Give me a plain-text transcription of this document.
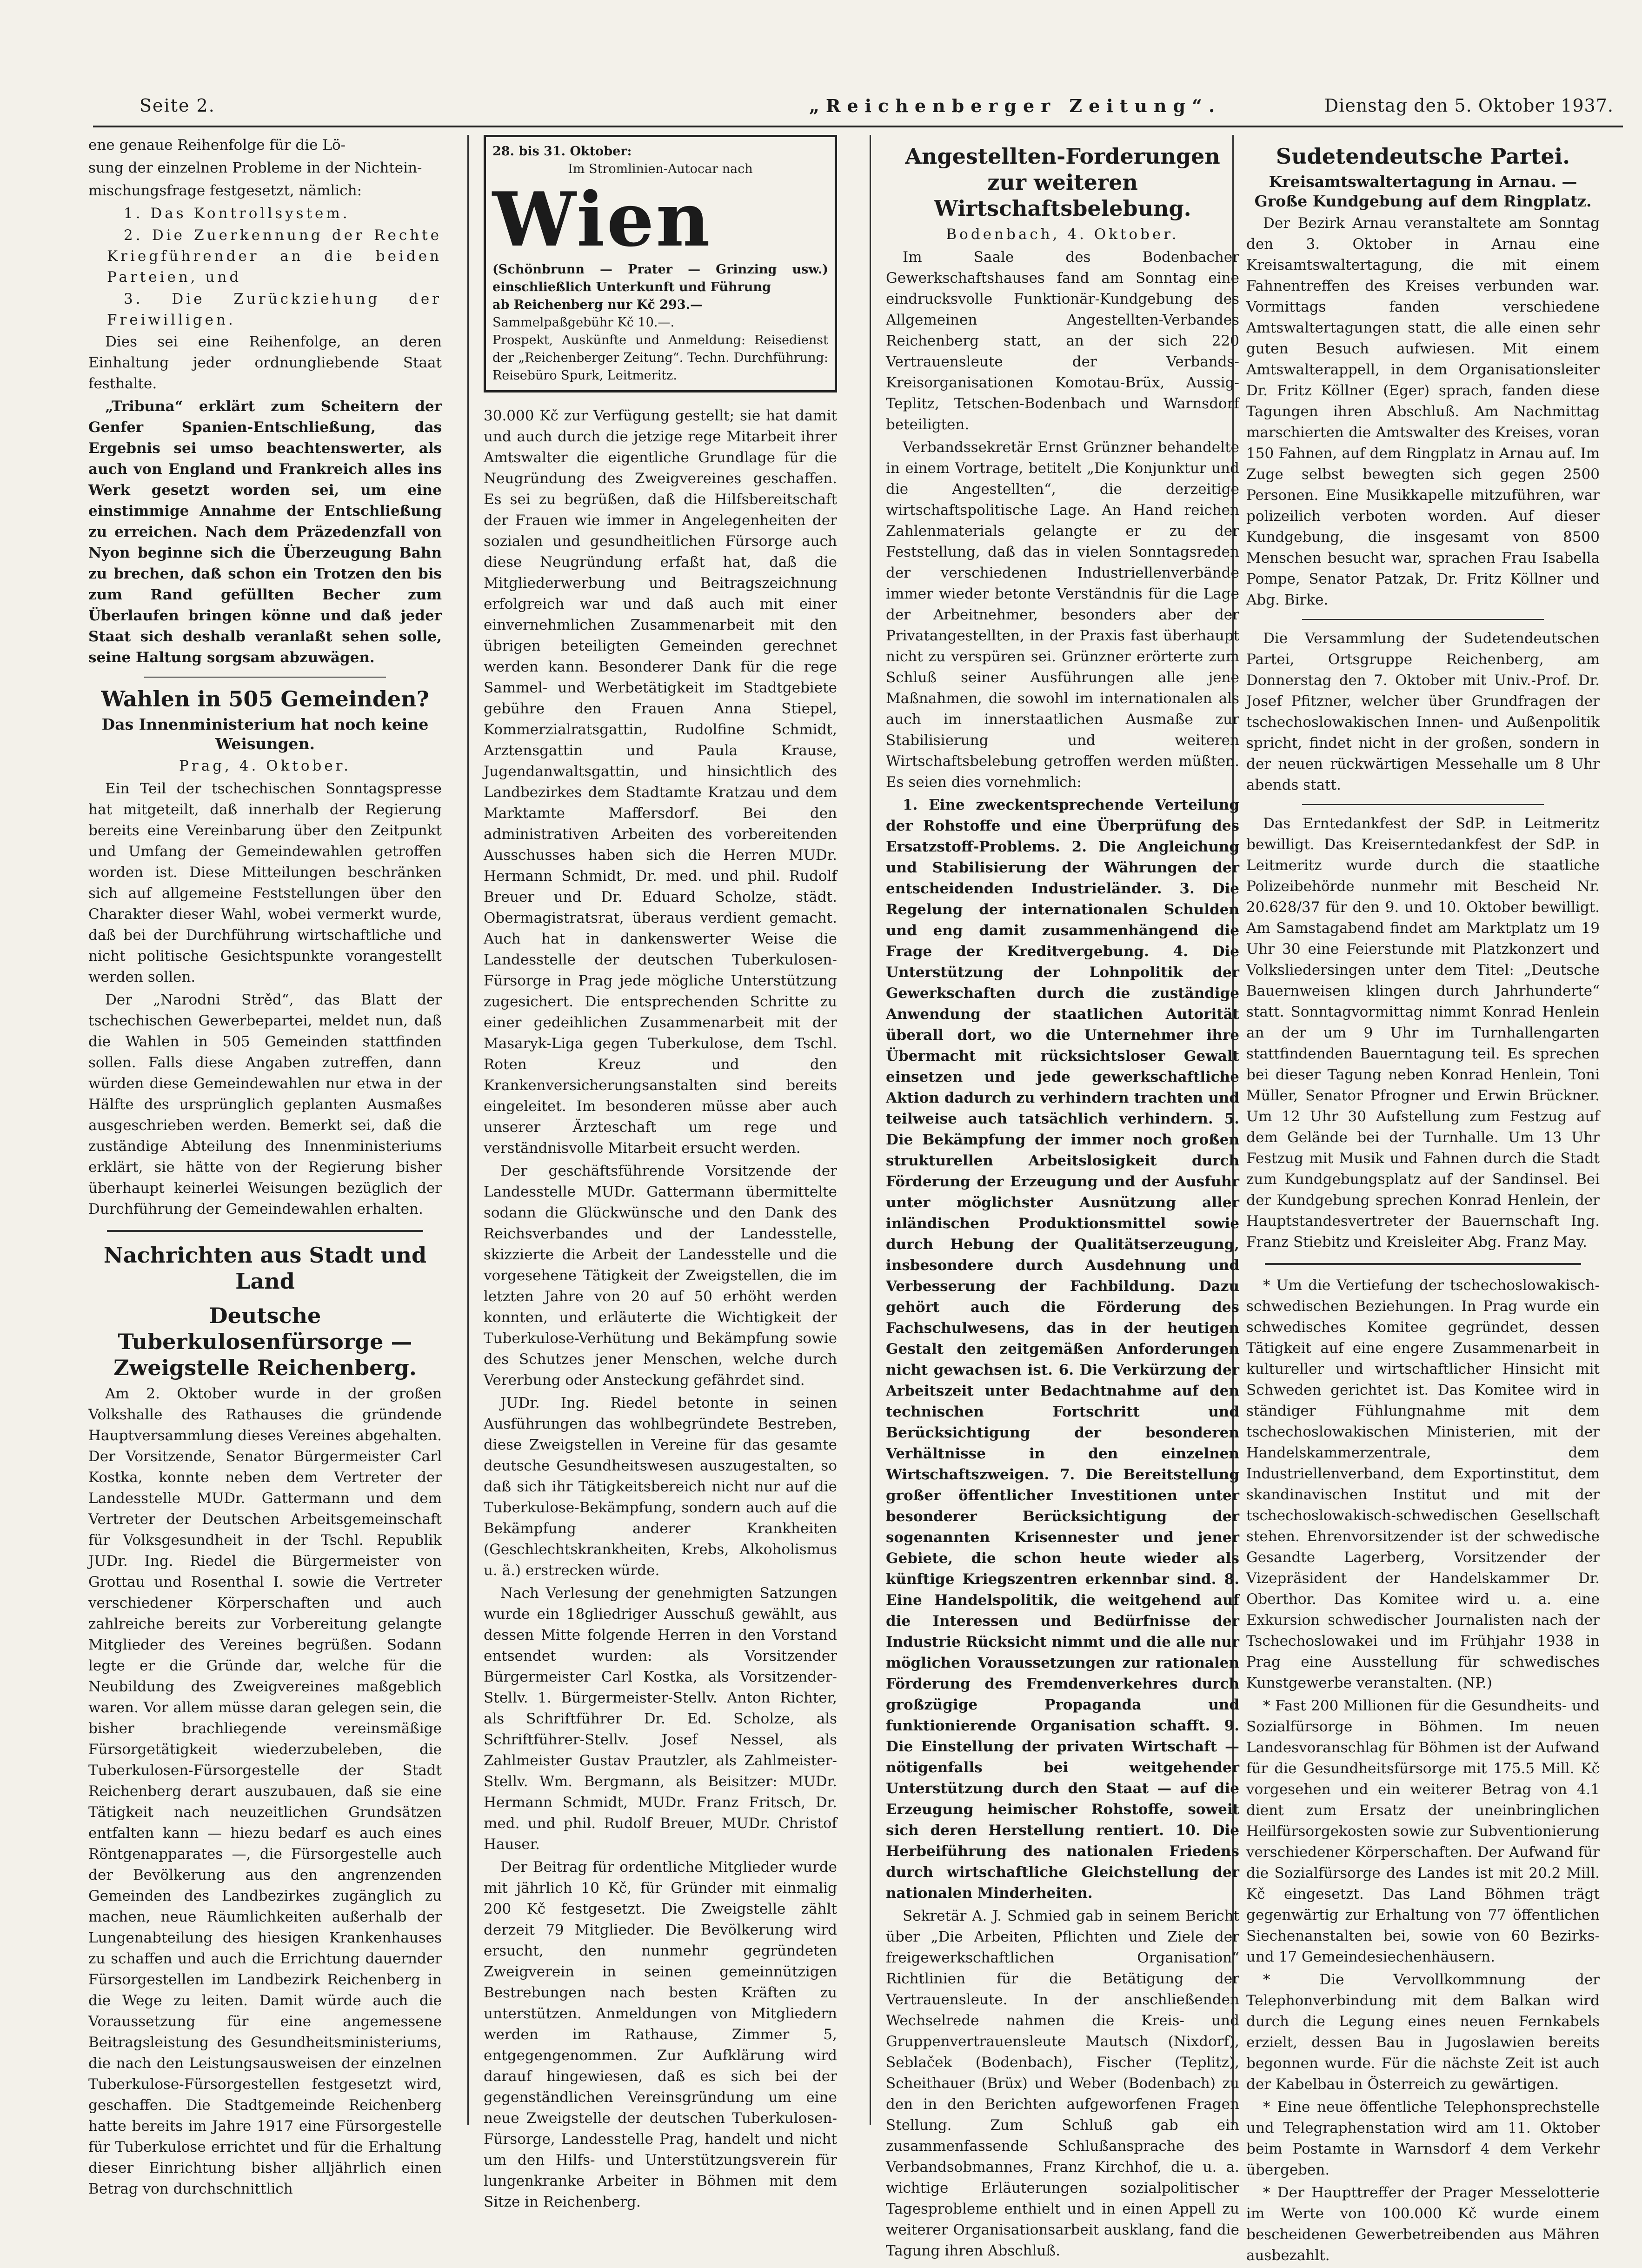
Seite 2.	„Reichenberger Zeitung“.	Dienstag den 5. Oktober 1937.

ene genaue Reihenfolge für die Lö-

sung der einzelnen Probleme in der Nichtein-

mischungsfrage festgesetzt, nämlich:

1. Das Kontrollsystem.

2. Die Zuerkennung der Rechte Kriegführender an die beiden Parteien, und

3. Die Zurückziehung der Freiwilligen.

Dies sei eine Reihenfolge, an deren Einhaltung jeder ordnungliebende Staat festhalte.

„Tribuna“ erklärt zum Scheitern der Genfer Spanien-Entschließung, das Ergebnis sei umso beachtenswerter, als auch von England und Frankreich alles ins Werk gesetzt worden sei, um eine einstimmige Annahme der Entschließung zu erreichen. Nach dem Präzedenzfall von Nyon beginne sich die Überzeugung Bahn zu brechen, daß schon ein Trotzen den bis zum Rand gefüllten Becher zum Überlaufen bringen könne und daß jeder Staat sich deshalb veranlaßt sehen solle, seine Haltung sorgsam abzuwägen.

Wahlen in 505 Gemeinden?
Das Innenministerium hat noch keine Weisungen.
Prag, 4. Oktober.

Ein Teil der tschechischen Sonntagspresse hat mitgeteilt, daß innerhalb der Regierung bereits eine Vereinbarung über den Zeitpunkt und Umfang der Gemeindewahlen getroffen worden ist. Diese Mitteilungen beschränken sich auf allgemeine Feststellungen über den Charakter dieser Wahl, wobei vermerkt wurde, daß bei der Durchführung wirtschaftliche und nicht politische Gesichtspunkte vorangestellt werden sollen.

Der „Narodni Strěd“, das Blatt der tschechischen Gewerbepartei, meldet nun, daß die Wahlen in 505 Gemeinden stattfinden sollen. Falls diese Angaben zutreffen, dann würden diese Gemeindewahlen nur etwa in der Hälfte des ursprünglich geplanten Ausmaßes ausgeschrieben werden. Bemerkt sei, daß die zuständige Abteilung des Innenministeriums erklärt, sie hätte von der Regierung bisher überhaupt keinerlei Weisungen bezüglich der Durchführung der Gemeindewahlen erhalten.

Nachrichten aus Stadt und Land
Deutsche Tuberkulosenfürsorge — Zweigstelle Reichenberg.

Am 2. Oktober wurde in der großen Volkshalle des Rathauses die gründende Hauptversammlung dieses Vereines abgehalten. Der Vorsitzende, Senator Bürgermeister Carl Kostka, konnte neben dem Vertreter der Landesstelle MUDr. Gattermann und dem Vertreter der Deutschen Arbeitsgemeinschaft für Volksgesundheit in der Tschl. Republik JUDr. Ing. Riedel die Bürgermeister von Grottau und Rosenthal I. sowie die Vertreter verschiedener Körperschaften und auch zahlreiche bereits zur Vorbereitung gelangte Mitglieder des Vereines begrüßen. Sodann legte er die Gründe dar, welche für die Neubildung des Zweigvereines maßgeblich waren. Vor allem müsse daran gelegen sein, die bisher brachliegende vereinsmäßige Fürsorgetätigkeit wiederzubeleben, die Tuberkulosen-Fürsorgestelle der Stadt Reichenberg derart auszubauen, daß sie eine Tätigkeit nach neuzeitlichen Grundsätzen entfalten kann — hiezu bedarf es auch eines Röntgenapparates —, die Fürsorgestelle auch der Bevölkerung aus den angrenzenden Gemeinden des Landbezirkes zugänglich zu machen, neue Räumlichkeiten außerhalb der Lungenabteilung des hiesigen Krankenhauses zu schaffen und auch die Errichtung dauernder Fürsorgestellen im Landbezirk Reichenberg in die Wege zu leiten. Damit würde auch die Voraussetzung für eine angemessene Beitragsleistung des Gesundheitsministeriums, die nach den Leistungsausweisen der einzelnen Tuberkulose-Fürsorgestellen festgesetzt wird, geschaffen. Die Stadtgemeinde Reichenberg hatte bereits im Jahre 1917 eine Fürsorgestelle für Tuberkulose errichtet und für die Erhaltung dieser Einrichtung bisher alljährlich einen Betrag von durchschnittlich

28. bis 31. Oktober:
Im Stromlinien-Autocar nach
Wien
(Schönbrunn — Prater — Grinzing usw.) einschließlich Unterkunft und Führung
ab Reichenberg nur Kč 293.—
Sammelpaßgebühr Kč 10.—.
Prospekt, Auskünfte und Anmeldung: Reisedienst der „Reichenberger Zeitung“. Techn. Durchführung: Reisebüro Spurk, Leitmeritz.

30.000 Kč zur Verfügung gestellt; sie hat damit und auch durch die jetzige rege Mitarbeit ihrer Amtswalter die eigentliche Grundlage für die Neugründung des Zweigvereines geschaffen. Es sei zu begrüßen, daß die Hilfsbereitschaft der Frauen wie immer in Angelegenheiten der sozialen und gesundheitlichen Fürsorge auch diese Neugründung erfaßt hat, daß die Mitgliederwerbung und Beitragszeichnung erfolgreich war und daß auch mit einer einvernehmlichen Zusammenarbeit mit den übrigen beteiligten Gemeinden gerechnet werden kann. Besonderer Dank für die rege Sammel- und Werbetätigkeit im Stadtgebiete gebühre den Frauen Anna Stiepel, Kommerzialratsgattin, Rudolfine Schmidt, Arztensgattin und Paula Krause, Jugendanwaltsgattin, und hinsichtlich des Landbezirkes dem Stadtamte Kratzau und dem Marktamte Maffersdorf. Bei den administrativen Arbeiten des vorbereitenden Ausschusses haben sich die Herren MUDr. Hermann Schmidt, Dr. med. und phil. Rudolf Breuer und Dr. Eduard Scholze, städt. Obermagistratsrat, überaus verdient gemacht. Auch hat in dankenswerter Weise die Landesstelle der deutschen Tuberkulosen-Fürsorge in Prag jede mögliche Unterstützung zugesichert. Die entsprechenden Schritte zu einer gedeihlichen Zusammenarbeit mit der Masaryk-Liga gegen Tuberkulose, dem Tschl. Roten Kreuz und den Krankenversicherungsanstalten sind bereits eingeleitet. Im besonderen müsse aber auch unserer Ärzteschaft um rege und verständnisvolle Mitarbeit ersucht werden.

Der geschäftsführende Vorsitzende der Landesstelle MUDr. Gattermann übermittelte sodann die Glückwünsche und den Dank des Reichsverbandes und der Landesstelle, skizzierte die Arbeit der Landesstelle und die vorgesehene Tätigkeit der Zweigstellen, die im letzten Jahre von 20 auf 50 erhöht werden konnten, und erläuterte die Wichtigkeit der Tuberkulose-Verhütung und Bekämpfung sowie des Schutzes jener Menschen, welche durch Vererbung oder Ansteckung gefährdet sind.

JUDr. Ing. Riedel betonte in seinen Ausführungen das wohlbegründete Bestreben, diese Zweigstellen in Vereine für das gesamte deutsche Gesundheitswesen auszugestalten, so daß sich ihr Tätigkeitsbereich nicht nur auf die Tuberkulose-Bekämpfung, sondern auch auf die Bekämpfung anderer Krankheiten (Geschlechtskrankheiten, Krebs, Alkoholismus u. ä.) erstrecken würde.

Nach Verlesung der genehmigten Satzungen wurde ein 18gliedriger Ausschuß gewählt, aus dessen Mitte folgende Herren in den Vorstand entsendet wurden: als Vorsitzender Bürgermeister Carl Kostka, als Vorsitzender-Stellv. 1. Bürgermeister-Stellv. Anton Richter, als Schriftführer Dr. Ed. Scholze, als Schriftführer-Stellv. Josef Nessel, als Zahlmeister Gustav Prautzler, als Zahlmeister-Stellv. Wm. Bergmann, als Beisitzer: MUDr. Hermann Schmidt, MUDr. Franz Fritsch, Dr. med. und phil. Rudolf Breuer, MUDr. Christof Hauser.

Der Beitrag für ordentliche Mitglieder wurde mit jährlich 10 Kč, für Gründer mit einmalig 200 Kč festgesetzt. Die Zweigstelle zählt derzeit 79 Mitglieder. Die Bevölkerung wird ersucht, den nunmehr gegründeten Zweigverein in seinen gemeinnützigen Bestrebungen nach besten Kräften zu unterstützen. Anmeldungen von Mitgliedern werden im Rathause, Zimmer 5, entgegengenommen. Zur Aufklärung wird darauf hingewiesen, daß es sich bei der gegenständlichen Vereinsgründung um eine neue Zweigstelle der deutschen Tuberkulosen-Fürsorge, Landesstelle Prag, handelt und nicht um den Hilfs- und Unterstützungsverein für lungenkranke Arbeiter in Böhmen mit dem Sitze in Reichenberg.

Angestellten-Forderungen zur weiteren Wirtschaftsbelebung.
Bodenbach, 4. Oktober.

Im Saale des Bodenbacher Gewerkschaftshauses fand am Sonntag eine eindrucksvolle Funktionär-Kundgebung des Allgemeinen Angestellten-Verbandes Reichenberg statt, an der sich 220 Vertrauensleute der Verbands-Kreisorganisationen Komotau-Brüx, Aussig-Teplitz, Tetschen-Bodenbach und Warnsdorf beteiligten.

Verbandssekretär Ernst Grünzner behandelte in einem Vortrage, betitelt „Die Konjunktur und die Angestellten“, die derzeitige wirtschaftspolitische Lage. An Hand reichen Zahlenmaterials gelangte er zu der Feststellung, daß das in vielen Sonntagsreden der verschiedenen Industriellenverbände immer wieder betonte Verständnis für die Lage der Arbeitnehmer, besonders aber der Privatangestellten, in der Praxis fast überhaupt nicht zu verspüren sei. Grünzner erörterte zum Schluß seiner Ausführungen alle jene Maßnahmen, die sowohl im internationalen als auch im innerstaatlichen Ausmaße zur Stabilisierung und weiteren Wirtschaftsbelebung getroffen werden müßten. Es seien dies vornehmlich:

1. Eine zweckentsprechende Verteilung der Rohstoffe und eine Überprüfung des Ersatzstoff-Problems. 2. Die Angleichung und Stabilisierung der Währungen der entscheidenden Industrieländer. 3. Die Regelung der internationalen Schulden und eng damit zusammenhängend die Frage der Kreditvergebung. 4. Die Unterstützung der Lohnpolitik der Gewerkschaften durch die zuständige Anwendung der staatlichen Autorität überall dort, wo die Unternehmer ihre Übermacht mit rücksichtsloser Gewalt einsetzen und jede gewerkschaftliche Aktion dadurch zu verhindern trachten und teilweise auch tatsächlich verhindern. 5. Die Bekämpfung der immer noch großen strukturellen Arbeitslosigkeit durch Förderung der Erzeugung und der Ausfuhr unter möglichster Ausnützung aller inländischen Produktionsmittel sowie durch Hebung der Qualitätserzeugung, insbesondere durch Ausdehnung und Verbesserung der Fachbildung. Dazu gehört auch die Förderung des Fachschulwesens, das in der heutigen Gestalt den zeitgemäßen Anforderungen nicht gewachsen ist. 6. Die Verkürzung der Arbeitszeit unter Bedachtnahme auf den technischen Fortschritt und Berücksichtigung der besonderen Verhältnisse in den einzelnen Wirtschaftszweigen. 7. Die Bereitstellung großer öffentlicher Investitionen unter besonderer Berücksichtigung der sogenannten Krisennester und jener Gebiete, die schon heute wieder als künftige Kriegszentren erkennbar sind. 8. Eine Handelspolitik, die weitgehend auf die Interessen und Bedürfnisse der Industrie Rücksicht nimmt und die alle nur möglichen Voraussetzungen zur rationalen Förderung des Fremdenverkehres durch großzügige Propaganda und funktionierende Organisation schafft. 9. Die Einstellung der privaten Wirtschaft — nötigenfalls bei weitgehender Unterstützung durch den Staat — auf die Erzeugung heimischer Rohstoffe, soweit sich deren Herstellung rentiert. 10. Die Herbeiführung des nationalen Friedens durch wirtschaftliche Gleichstellung der nationalen Minderheiten.

Sekretär A. J. Schmied gab in seinem Bericht über „Die Arbeiten, Pflichten und Ziele der freigewerkschaftlichen Organisation“ Richtlinien für die Betätigung der Vertrauensleute. In der anschließenden Wechselrede nahmen die Kreis- und Gruppenvertrauensleute Mautsch (Nixdorf), Seblaček (Bodenbach), Fischer (Teplitz), Scheithauer (Brüx) und Weber (Bodenbach) zu den in den Berichten aufgeworfenen Fragen Stellung. Zum Schluß gab ein zusammenfassende Schlußansprache des Verbandsobmannes, Franz Kirchhof, die u. a. wichtige Erläuterungen sozialpolitischer Tagesprobleme enthielt und in einen Appell zu weiterer Organisationsarbeit ausklang, fand die Tagung ihren Abschluß.

Sudetendeutsche Partei.
Kreisamtswaltertagung in Arnau. — Große Kundgebung auf dem Ringplatz.

Der Bezirk Arnau veranstaltete am Sonntag den 3. Oktober in Arnau eine Kreisamtswaltertagung, die mit einem Fahnentreffen des Kreises verbunden war. Vormittags fanden verschiedene Amtswaltertagungen statt, die alle einen sehr guten Besuch aufwiesen. Mit einem Amtswalterappell, in dem Organisationsleiter Dr. Fritz Köllner (Eger) sprach, fanden diese Tagungen ihren Abschluß. Am Nachmittag marschierten die Amtswalter des Kreises, voran 150 Fahnen, auf dem Ringplatz in Arnau auf. Im Zuge selbst bewegten sich gegen 2500 Personen. Eine Musikkapelle mitzuführen, war polizeilich verboten worden. Auf dieser Kundgebung, die insgesamt von 8500 Menschen besucht war, sprachen Frau Isabella Pompe, Senator Patzak, Dr. Fritz Köllner und Abg. Birke.

Die Versammlung der Sudetendeutschen Partei, Ortsgruppe Reichenberg, am Donnerstag den 7. Oktober mit Univ.-Prof. Dr. Josef Pfitzner, welcher über Grundfragen der tschechoslowakischen Innen- und Außenpolitik spricht, findet nicht in der großen, sondern in der neuen rückwärtigen Messehalle um 8 Uhr abends statt.

Das Erntedankfest der SdP. in Leitmeritz bewilligt. Das Kreiserntedankfest der SdP. in Leitmeritz wurde durch die staatliche Polizeibehörde nunmehr mit Bescheid Nr. 20.628/37 für den 9. und 10. Oktober bewilligt. Am Samstagabend findet am Marktplatz um 19 Uhr 30 eine Feierstunde mit Platzkonzert und Volksliedersingen unter dem Titel: „Deutsche Bauernweisen klingen durch Jahrhunderte“ statt. Sonntagvormittag nimmt Konrad Henlein an der um 9 Uhr im Turnhallengarten stattfindenden Bauerntagung teil. Es sprechen bei dieser Tagung neben Konrad Henlein, Toni Müller, Senator Pfrogner und Erwin Brückner. Um 12 Uhr 30 Aufstellung zum Festzug auf dem Gelände bei der Turnhalle. Um 13 Uhr Festzug mit Musik und Fahnen durch die Stadt zum Kundgebungsplatz auf der Sandinsel. Bei der Kundgebung sprechen Konrad Henlein, der Hauptstandesvertreter der Bauernschaft Ing. Franz Stiebitz und Kreisleiter Abg. Franz May.

* Um die Vertiefung der tschechoslowakisch-schwedischen Beziehungen. In Prag wurde ein schwedisches Komitee gegründet, dessen Tätigkeit auf eine engere Zusammenarbeit in kultureller und wirtschaftlicher Hinsicht mit Schweden gerichtet ist. Das Komitee wird in ständiger Fühlungnahme mit dem tschechoslowakischen Ministerien, mit der Handelskammerzentrale, dem Industriellenverband, dem Exportinstitut, dem skandinavischen Institut und mit der tschechoslowakisch-schwedischen Gesellschaft stehen. Ehrenvorsitzender ist der schwedische Gesandte Lagerberg, Vorsitzender der Vizepräsident der Handelskammer Dr. Oberthor. Das Komitee wird u. a. eine Exkursion schwedischer Journalisten nach der Tschechoslowakei und im Frühjahr 1938 in Prag eine Ausstellung für schwedisches Kunstgewerbe veranstalten. (NP.)

* Fast 200 Millionen für die Gesundheits- und Sozialfürsorge in Böhmen. Im neuen Landesvoranschlag für Böhmen ist der Aufwand für die Gesundheitsfürsorge mit 175.5 Mill. Kč vorgesehen und ein weiterer Betrag von 4.1 dient zum Ersatz der uneinbringlichen Heilfürsorgekosten sowie zur Subventionierung verschiedener Körperschaften. Der Aufwand für die Sozialfürsorge des Landes ist mit 20.2 Mill. Kč eingesetzt. Das Land Böhmen trägt gegenwärtig zur Erhaltung von 77 öffentlichen Siechenanstalten bei, sowie von 60 Bezirks- und 17 Gemeindesiechenhäusern.

* Die Vervollkommnung der Telephonverbindung mit dem Balkan wird durch die Legung eines neuen Fernkabels erzielt, dessen Bau in Jugoslawien bereits begonnen wurde. Für die nächste Zeit ist auch der Kabelbau in Österreich zu gewärtigen.

* Eine neue öffentliche Telephonsprechstelle und Telegraphenstation wird am 11. Oktober beim Postamte in Warnsdorf 4 dem Verkehr übergeben.

* Der Haupttreffer der Prager Messelotterie im Werte von 100.000 Kč wurde einem bescheidenen Gewerbetreibenden aus Mähren ausbezahlt.
